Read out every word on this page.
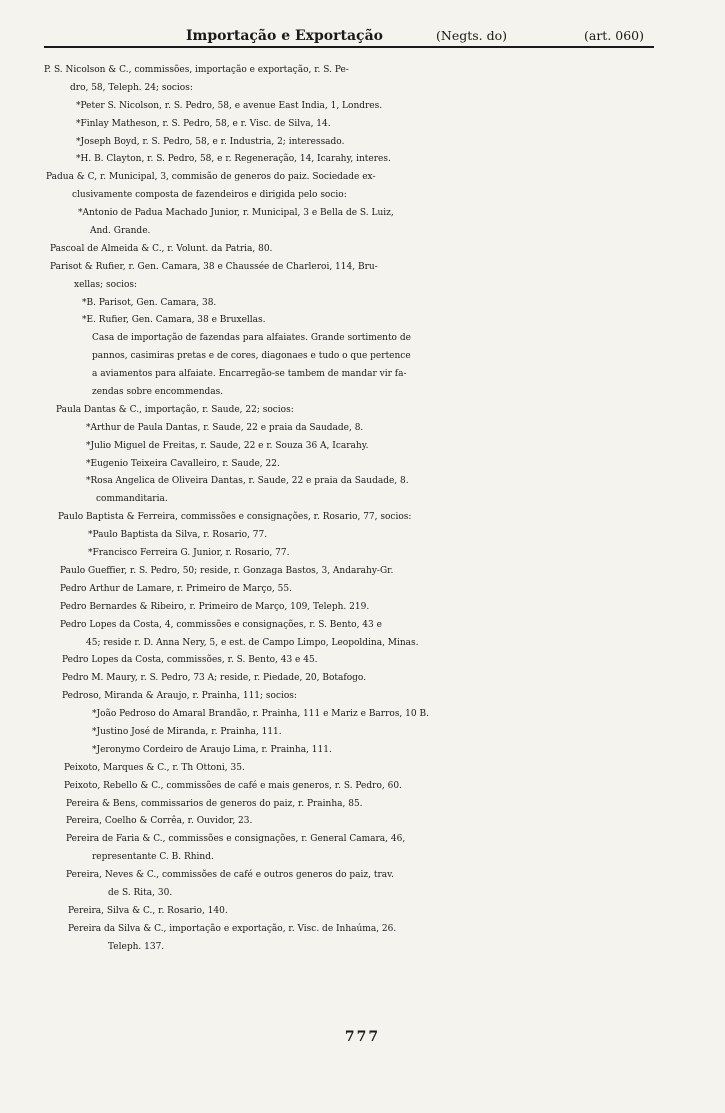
Importação e Exportação	(Negts. do)	(art. 060)
P. S. Nicolson & C., commissões, importação e exportação, r. S. Pe-
dro, 58, Teleph. 24; socios:
*Peter S. Nicolson, r. S. Pedro, 58, e avenue East India, 1, Londres.
*Finlay Matheson, r. S. Pedro, 58, e r. Visc. de Silva, 14.
*Joseph Boyd, r. S. Pedro, 58, e r. Industria, 2; interessado.
*H. B. Clayton, r. S. Pedro, 58, e r. Regeneração, 14, Icarahy, interes.
Padua & C, r. Municipal, 3, commisão de generos do paiz. Sociedade ex-
clusivamente composta de fazendeiros e dirigida pelo socio:
*Antonio de Padua Machado Junior, r. Municipal, 3 e Bella de S. Luiz,
And. Grande.
Pascoal de Almeida & C., r. Volunt. da Patria, 80.
Parisot & Rufier, r. Gen. Camara, 38 e Chaussée de Charleroi, 114, Bru-
xellas; socios:
*B. Parisot, Gen. Camara, 38.
*E. Rufier, Gen. Camara, 38 e Bruxellas.
Casa de importação de fazendas para alfaiates. Grande sortimento de
pannos, casimiras pretas e de cores, diagonaes e tudo o que pertence
a aviamentos para alfaiate. Encarregão-se tambem de mandar vir fa-
zendas sobre encommendas.
Paula Dantas & C., importação, r. Saude, 22; socios:
*Arthur de Paula Dantas, r. Saude, 22 e praia da Saudade, 8.
*Julio Miguel de Freitas, r. Saude, 22 e r. Souza 36 A, Icarahy.
*Eugenio Teixeira Cavalleiro, r. Saude, 22.
*Rosa Angelica de Oliveira Dantas, r. Saude, 22 e praia da Saudade, 8.
commanditaria.
Paulo Baptista & Ferreira, commissões e consignações, r. Rosario, 77, socios:
*Paulo Baptista da Silva, r. Rosario, 77.
*Francisco Ferreira G. Junior, r. Rosario, 77.
Paulo Gueffier, r. S. Pedro, 50; reside, r. Gonzaga Bastos, 3, Andarahy-Gr.
Pedro Arthur de Lamare, r. Primeiro de Março, 55.
Pedro Bernardes & Ribeiro, r. Primeiro de Março, 109, Teleph. 219.
Pedro Lopes da Costa, 4, commissões e consignações, r. S. Bento, 43 e
45; reside r. D. Anna Nery, 5, e est. de Campo Limpo, Leopoldina, Minas.
Pedro Lopes da Costa, commissões, r. S. Bento, 43 e 45.
Pedro M. Maury, r. S. Pedro, 73 A; reside, r. Piedade, 20, Botafogo.
Pedroso, Miranda & Araujo, r. Prainha, 111; socios:
*João Pedroso do Amaral Brandão, r. Prainha, 111 e Mariz e Barros, 10 B.
*Justino José de Miranda, r. Prainha, 111.
*Jeronymo Cordeiro de Araujo Lima, r. Prainha, 111.
Peixoto, Marques & C., r. Th Ottoni, 35.
Peixoto, Rebello & C., commissões de café e mais generos, r. S. Pedro, 60.
Pereira & Bens, commissarios de generos do paiz, r. Prainha, 85.
Pereira, Coelho & Corrêa, r. Ouvidor, 23.
Pereira de Faria & C., commissões e consignações, r. General Camara, 46,
representante C. B. Rhind.
Pereira, Neves & C., commissões de café e outros generos do paiz, trav.
de S. Rita, 30.
Pereira, Silva & C., r. Rosario, 140.
Pereira da Silva & C., importação e exportação, r. Visc. de Inhaúma, 26.
Teleph. 137.
777
